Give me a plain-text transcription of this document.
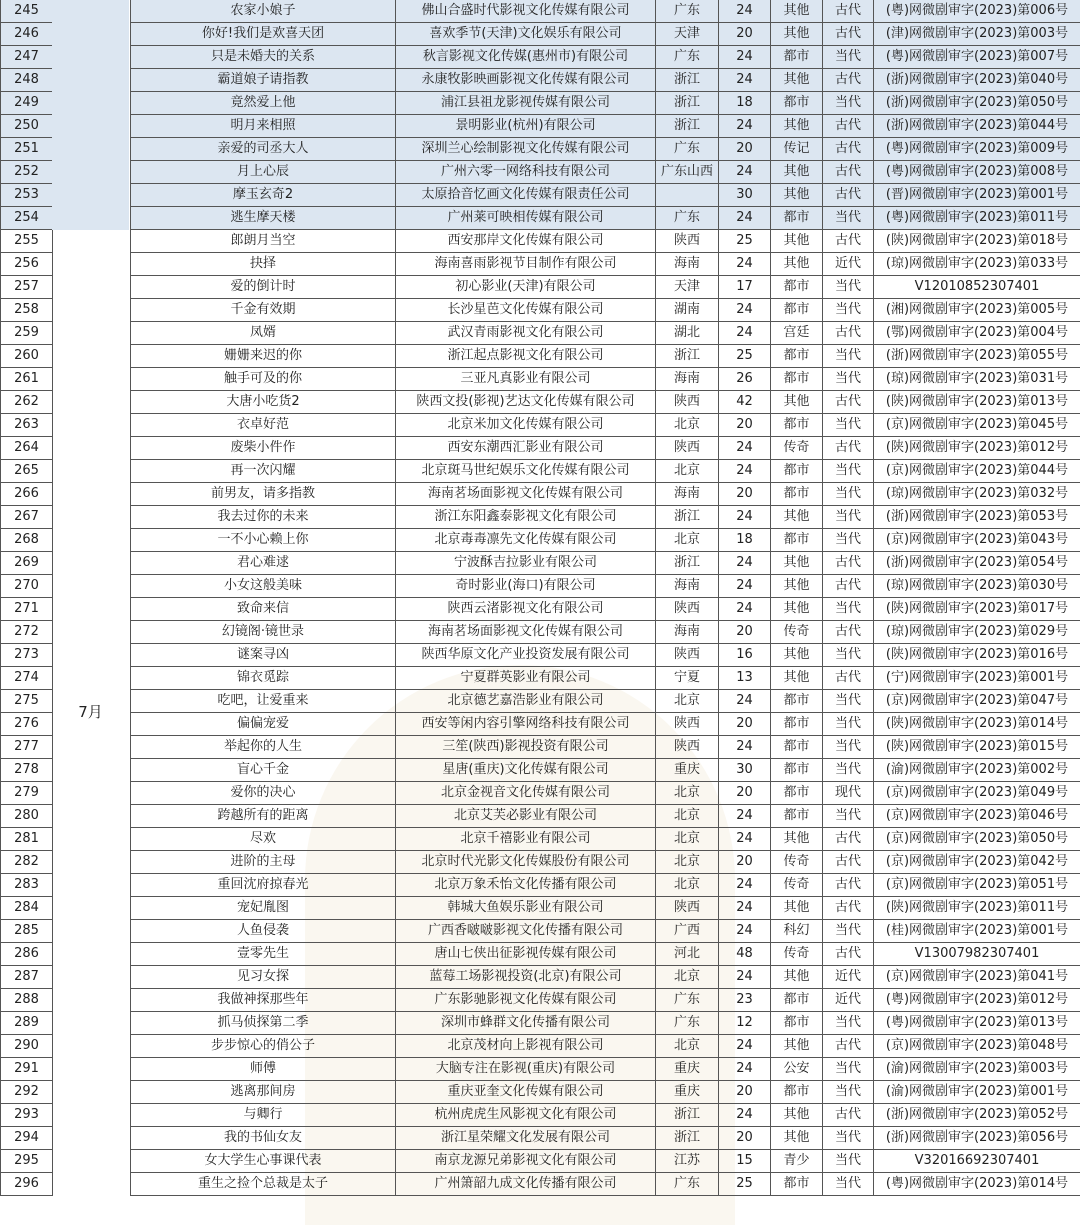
245		农家小娘子	佛山合盛时代影视文化传媒有限公司	广东	24	其他	古代	(粤)网微剧审字(2023)第006号
246		你好!我们是欢喜天团	喜欢季节(天津)文化娱乐有限公司	天津	20	其他	古代	(津)网微剧审字(2023)第003号
247		只是未婚夫的关系	秋言影视文化传媒(惠州市)有限公司	广东	24	都市	当代	(粤)网微剧审字(2023)第007号
248		霸道娘子请指教	永康牧影映画影视文化传媒有限公司	浙江	24	其他	古代	(浙)网微剧审字(2023)第040号
249		竟然爱上他	浦江县祖龙影视传媒有限公司	浙江	18	都市	当代	(浙)网微剧审字(2023)第050号
250		明月来相照	景明影业(杭州)有限公司	浙江	24	其他	古代	(浙)网微剧审字(2023)第044号
251		亲爱的司丞大人	深圳兰心绘制影视文化传媒有限公司	广东	20	传记	古代	(粤)网微剧审字(2023)第009号
252		月上心辰	广州六零一网络科技有限公司	广东山西	24	其他	古代	(粤)网微剧审字(2023)第008号
253		摩玉玄奇2	太原拾音忆画文化传媒有限责任公司		30	其他	古代	(晋)网微剧审字(2023)第001号
254		逃生摩天楼	广州莱可映相传媒有限公司	广东	24	都市	当代	(粤)网微剧审字(2023)第011号
255		郎朗月当空	西安那岸文化传媒有限公司	陕西	25	其他	古代	(陕)网微剧审字(2023)第018号
256		抉择	海南喜雨影视节目制作有限公司	海南	24	其他	近代	(琼)网微剧审字(2023)第033号
257		爱的倒计时	初心影业(天津)有限公司	天津	17	都市	当代	V12010852307401
258		千金有效期	长沙星芭文化传媒有限公司	湖南	24	都市	当代	(湘)网微剧审字(2023)第005号
259		凤婿	武汉青雨影视文化有限公司	湖北	24	宫廷	古代	(鄂)网微剧审字(2023)第004号
260		姗姗来迟的你	浙江起点影视文化有限公司	浙江	25	都市	当代	(浙)网微剧审字(2023)第055号
261		触手可及的你	三亚凡真影业有限公司	海南	26	都市	当代	(琼)网微剧审字(2023)第031号
262		大唐小吃货2	陕西文投(影视)艺达文化传媒有限公司	陕西	42	其他	古代	(陕)网微剧审字(2023)第013号
263		衣卓好范	北京米加文化传媒有限公司	北京	20	都市	当代	(京)网微剧审字(2023)第045号
264		废柴小件作	西安东潮西汇影业有限公司	陕西	24	传奇	古代	(陕)网微剧审字(2023)第012号
265		再一次闪耀	北京斑马世纪娱乐文化传媒有限公司	北京	24	都市	当代	(京)网微剧审字(2023)第044号
266		前男友，请多指教	海南茗场面影视文化传媒有限公司	海南	20	都市	当代	(琼)网微剧审字(2023)第032号
267		我去过你的未来	浙江东阳鑫泰影视文化有限公司	浙江	24	其他	当代	(浙)网微剧审字(2023)第053号
268		一不小心赖上你	北京毒毒凛先文化传媒有限公司	北京	18	都市	当代	(京)网微剧审字(2023)第043号
269		君心难逑	宁波酥吉拉影业有限公司	浙江	24	其他	古代	(浙)网微剧审字(2023)第054号
270		小女这般美味	奇时影业(海口)有限公司	海南	24	其他	古代	(琼)网微剧审字(2023)第030号
271		致命来信	陕西云渚影视文化有限公司	陕西	24	其他	当代	(陕)网微剧审字(2023)第017号
272		幻镜阁·镜世录	海南茗场面影视文化传媒有限公司	海南	20	传奇	古代	(琼)网微剧审字(2023)第029号
273		谜案寻凶	陕西华原文化产业投资发展有限公司	陕西	16	其他	当代	(陕)网微剧审字(2023)第016号
274		锦衣觅踪	宁夏群英影业有限公司	宁夏	13	其他	古代	(宁)网微剧审字(2023)第001号
275		吃吧，让爱重来	北京德艺嘉浩影业有限公司	北京	24	都市	当代	(京)网微剧审字(2023)第047号
276		偏偏宠爱	西安等闲内容引擎网络科技有限公司	陕西	20	都市	当代	(陕)网微剧审字(2023)第014号
277		举起你的人生	三笙(陕西)影视投资有限公司	陕西	24	都市	当代	(陕)网微剧审字(2023)第015号
278		盲心千金	星唐(重庆)文化传媒有限公司	重庆	30	都市	当代	(渝)网微剧审字(2023)第002号
279		爱你的决心	北京金视音文化传媒有限公司	北京	20	都市	现代	(京)网微剧审字(2023)第049号
280		跨越所有的距离	北京艾芙必影业有限公司	北京	24	都市	当代	(京)网微剧审字(2023)第046号
281		尽欢	北京千禧影业有限公司	北京	24	其他	古代	(京)网微剧审字(2023)第050号
282		进阶的主母	北京时代光影文化传媒股份有限公司	北京	20	传奇	古代	(京)网微剧审字(2023)第042号
283		重回沈府掠春光	北京万象禾怡文化传播有限公司	北京	24	传奇	古代	(京)网微剧审字(2023)第051号
284		宠妃胤图	韩城大鱼娱乐影业有限公司	陕西	24	其他	古代	(陕)网微剧审字(2023)第011号
285		人鱼侵袭	广西香啵啵影视文化传播有限公司	广西	24	科幻	当代	(桂)网微剧审字(2023)第001号
286		壹零先生	唐山七侠出征影视传媒有限公司	河北	48	传奇	古代	V13007982307401
287		见习女探	蓝莓工场影视投资(北京)有限公司	北京	24	其他	近代	(京)网微剧审字(2023)第041号
288		我做神探那些年	广东影驰影视文化传媒有限公司	广东	23	都市	近代	(粤)网微剧审字(2023)第012号
289		抓马侦探第二季	深圳市蜂群文化传播有限公司	广东	12	都市	当代	(粤)网微剧审字(2023)第013号
290		步步惊心的俏公子	北京茂材向上影视有限公司	北京	24	其他	古代	(京)网微剧审字(2023)第048号
291		师傅	大脑专注在影视(重庆)有限公司	重庆	24	公安	当代	(渝)网微剧审字(2023)第003号
292		逃离那间房	重庆亚奎文化传媒有限公司	重庆	20	都市	当代	(渝)网微剧审字(2023)第001号
293		与卿行	杭州虎虎生风影视文化有限公司	浙江	24	其他	古代	(浙)网微剧审字(2023)第052号
294		我的书仙女友	浙江星荣耀文化发展有限公司	浙江	20	其他	当代	(浙)网微剧审字(2023)第056号
295		女大学生心事课代表	南京龙源兄弟影视文化有限公司	江苏	15	青少	当代	V32016692307401
296		重生之捡个总裁是太子	广州箫韶九成文化传播有限公司	广东	25	都市	当代	(粤)网微剧审字(2023)第014号
7月
